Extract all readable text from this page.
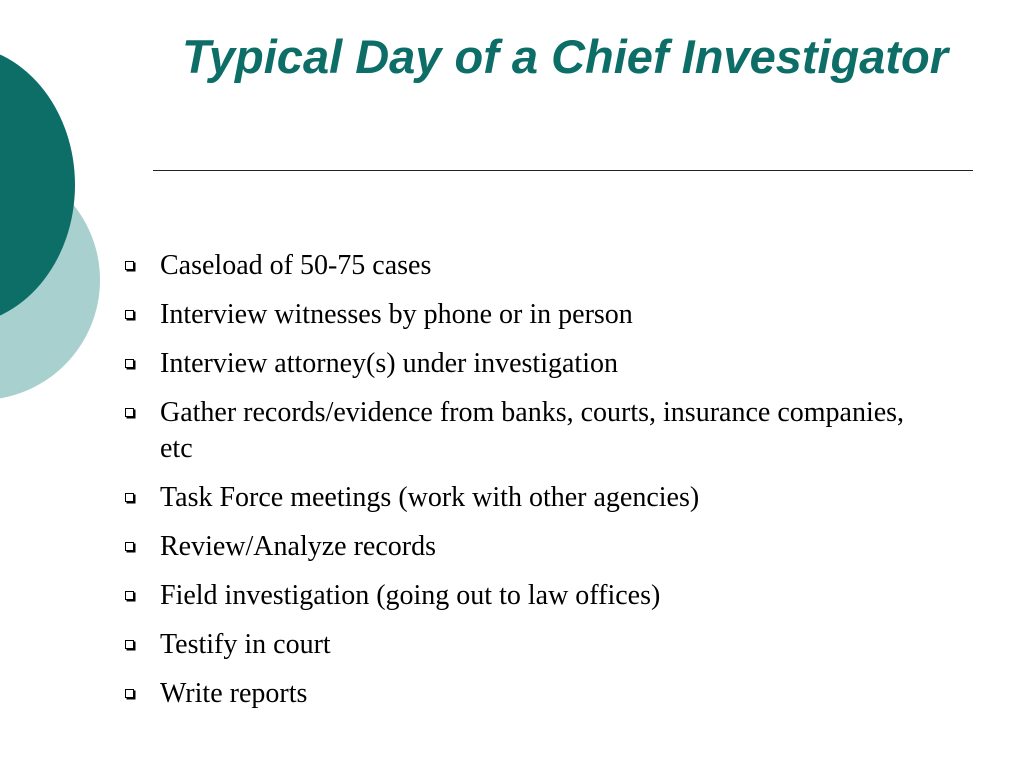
Typical Day of a Chief Investigator
Caseload of 50-75 cases
Interview witnesses by phone or in person
Interview attorney(s) under investigation
Gather records/evidence from banks, courts, insurance companies, etc
Task Force meetings (work with other agencies)
Review/Analyze records
Field investigation (going out to law offices)
Testify in court
Write reports
